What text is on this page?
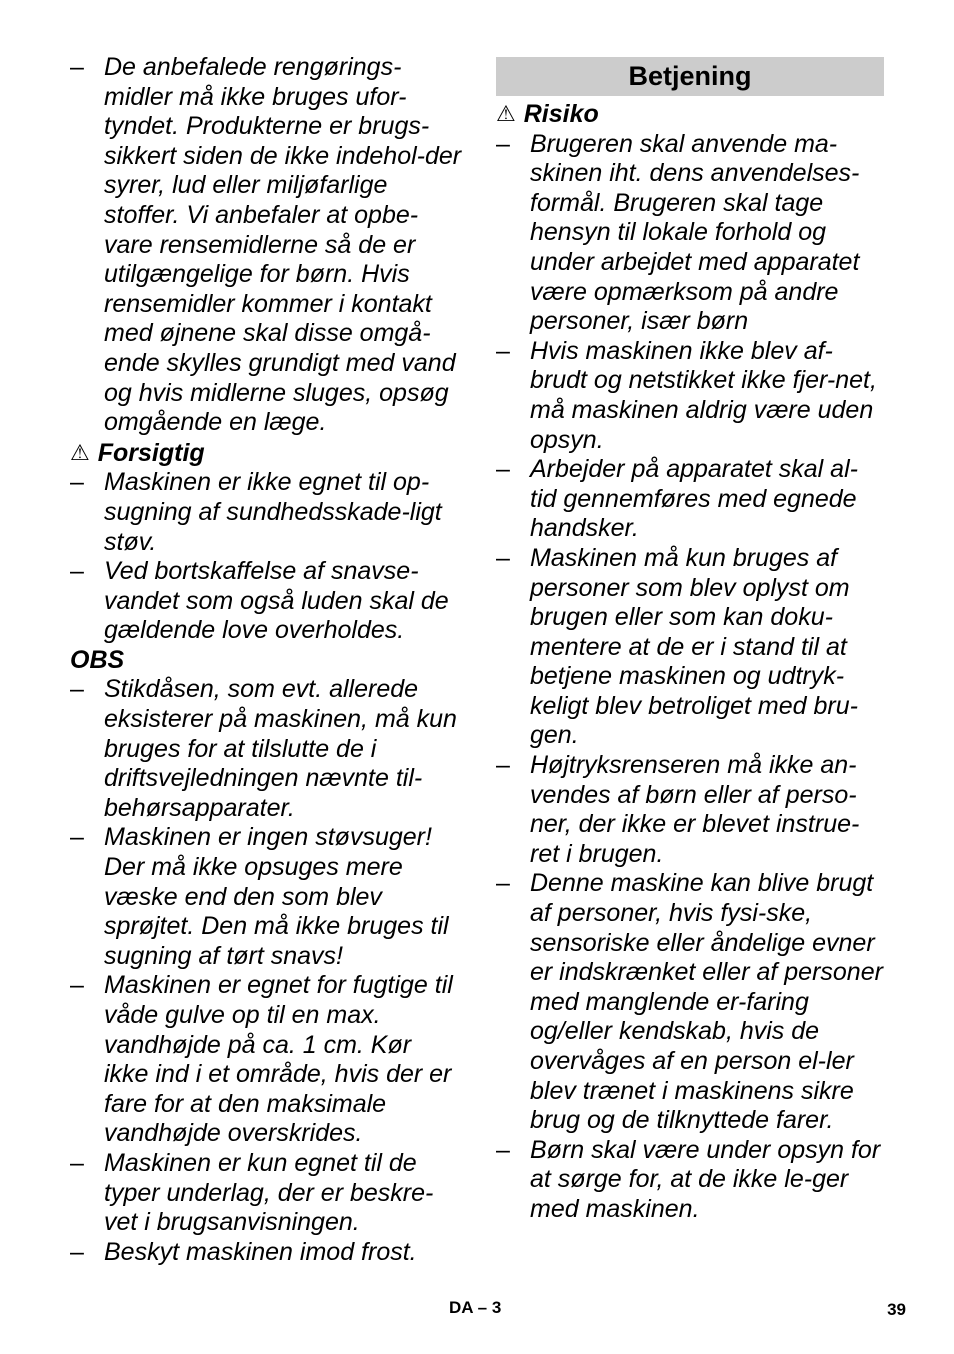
– De anbefalede rengørings-midler må ikke bruges ufor-tyndet. Produkterne er brugs-sikkert siden de ikke indehol-der syrer, lud eller miljøfarlige stoffer. Vi anbefaler at opbe-vare rensemidlerne så de er utilgængelige for børn. Hvis rensemidler kommer i kontakt med øjnene skal disse omgå-ende skylles grundigt med vand og hvis midlerne sluges, opsøg omgående en læge.
⚠ Forsigtig
– Maskinen er ikke egnet til op-sugning af sundhedsskade-ligt støv.
– Ved bortskaffelse af snavse-vandet som også luden skal de gældende love overholdes.
OBS
– Stikdåsen, som evt. allerede eksisterer på maskinen, må kun bruges for at tilslutte de i driftsvejledningen nævnte til-behørsapparater.
– Maskinen er ingen støvsuger! Der må ikke opsuges mere væske end den som blev sprøjtet. Den må ikke bruges til sugning af tørt snavs!
– Maskinen er egnet for fugtige til våde gulve op til en max. vandhøjde på ca. 1 cm. Kør ikke ind i et område, hvis der er fare for at den maksimale vandhøjde overskrides.
– Maskinen er kun egnet til de typer underlag, der er beskre-vet i brugsanvisningen.
– Beskyt maskinen imod frost.
Betjening
⚠ Risiko
– Brugeren skal anvende ma-skinen iht. dens anvendelses-formål. Brugeren skal tage hensyn til lokale forhold og under arbejdet med apparatet være opmærksom på andre personer, især børn
– Hvis maskinen ikke blev af-brudt og netstikket ikke fjer-net, må maskinen aldrig være uden opsyn.
– Arbejder på apparatet skal al-tid gennemføres med egnede handsker.
– Maskinen må kun bruges af personer som blev oplyst om brugen eller som kan doku-mentere at de er i stand til at betjene maskinen og udtryk-keligt blev betroliget med bru-gen.
– Højtryksrenseren må ikke an-vendes af børn eller af perso-ner, der ikke er blevet instrue-ret i brugen.
– Denne maskine kan blive brugt af personer, hvis fysi-ske, sensoriske eller åndelige evner er indskrænket eller af personer med manglende er-faring og/eller kendskab, hvis de overvåges af en person el-ler blev trænet i maskinens sikre brug og de tilknyttede farer.
– Børn skal være under opsyn for at sørge for, at de ikke le-ger med maskinen.
DA – 3	39
